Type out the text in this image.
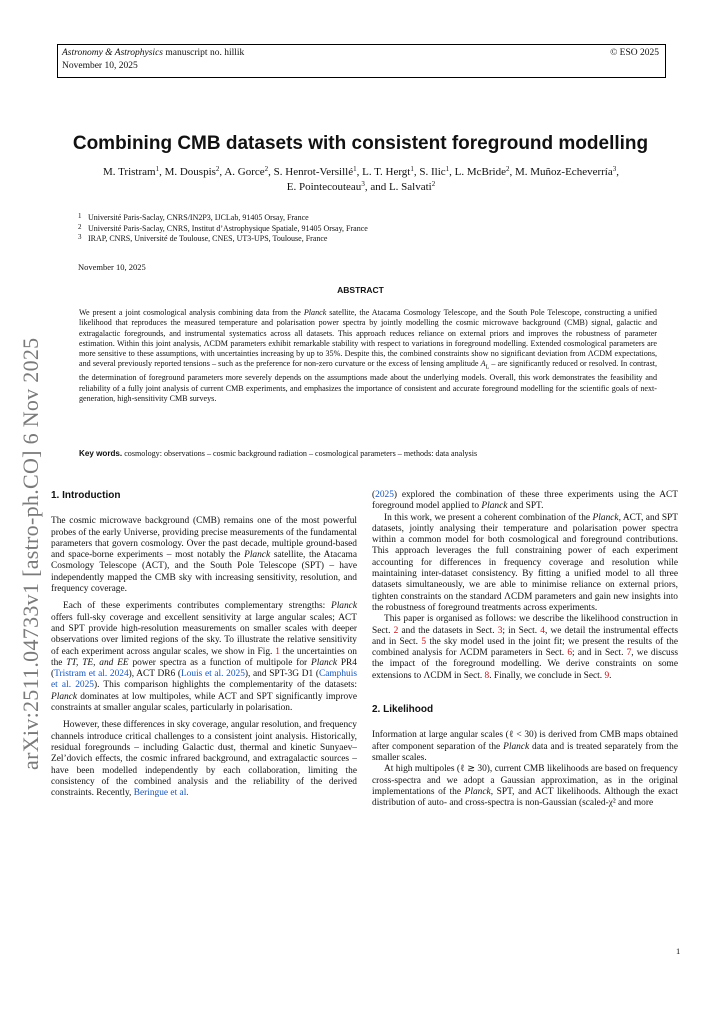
Astronomy & Astrophysics manuscript no. hillik
November 10, 2025
© ESO 2025
arXiv:2511.04733v1 [astro-ph.CO] 6 Nov 2025
Combining CMB datasets with consistent foreground modelling
M. Tristram$^1$, M. Douspis$^2$, A. Gorce$^2$, S. Henrot-Versillé$^1$, L. T. Hergt$^1$, S. Ilic$^1$, L. McBride$^2$, M. Muñoz-Echeverría$^3$,
E. Pointecouteau$^3$, and L. Salvati$^2$
1 Université Paris-Saclay, CNRS/IN2P3, IJCLab, 91405 Orsay, France
2 Université Paris-Saclay, CNRS, Institut d’Astrophysique Spatiale, 91405 Orsay, France
3 IRAP, CNRS, Université de Toulouse, CNES, UT3-UPS, Toulouse, France
November 10, 2025
ABSTRACT
We present a joint cosmological analysis combining data from the Planck satellite, the Atacama Cosmology Telescope, and the South Pole Telescope, constructing a unified likelihood that reproduces the measured temperature and polarisation power spectra by jointly modelling the cosmic microwave background (CMB) signal, galactic and extragalactic foregrounds, and instrumental systematics across all datasets. This approach reduces reliance on external priors and improves the robustness of parameter estimation. Within this joint analysis, ΛCDM parameters exhibit remarkable stability with respect to variations in foreground modelling. Extended cosmological parameters are more sensitive to these assumptions, with uncertainties increasing by up to 35%. Despite this, the combined constraints show no significant deviation from ΛCDM expectations, and several previously reported tensions – such as the preference for non-zero curvature or the excess of lensing amplitude $A_L$ – are significantly reduced or resolved. In contrast, the determination of foreground parameters more severely depends on the assumptions made about the underlying models. Overall, this work demonstrates the feasibility and reliability of a fully joint analysis of current CMB experiments, and emphasizes the importance of consistent and accurate foreground modelling for the scientific goals of next-generation, high-sensitivity CMB surveys.
Key words. cosmology: observations – cosmic background radiation – cosmological parameters – methods: data analysis
1. Introduction

The cosmic microwave background (CMB) remains one of the most powerful probes of the early Universe, providing precise measurements of the fundamental parameters that govern cosmology. Over the past decade, multiple ground-based and space-borne experiments – most notably the Planck satellite, the Atacama Cosmology Telescope (ACT), and the South Pole Telescope (SPT) – have independently mapped the CMB sky with increasing sensitivity, resolution, and frequency coverage.

Each of these experiments contributes complementary strengths: Planck offers full-sky coverage and excellent sensitivity at large angular scales; ACT and SPT provide high-resolution measurements on smaller scales with deeper observations over limited regions of the sky. To illustrate the relative sensitivity of each experiment across angular scales, we show in Fig. 1 the uncertainties on the TT, TE, and EE power spectra as a function of multipole for Planck PR4 (Tristram et al. 2024), ACT DR6 (Louis et al. 2025), and SPT-3G D1 (Camphuis et al. 2025). This comparison highlights the complementarity of the datasets: Planck dominates at low multipoles, while ACT and SPT significantly improve constraints at smaller angular scales, particularly in polarisation.

However, these differences in sky coverage, angular resolution, and frequency channels introduce critical challenges to a consistent joint analysis. Historically, residual foregrounds – including Galactic dust, thermal and kinetic Sunyaev–Zel’dovich effects, the cosmic infrared background, and extragalactic sources – have been modelled independently by each collaboration, limiting the consistency of the combined analysis and the reliability of the derived constraints. Recently, Beringue et al.

(2025) explored the combination of these three experiments using the ACT foreground model applied to Planck and SPT.

In this work, we present a coherent combination of the Planck, ACT, and SPT datasets, jointly analysing their temperature and polarisation power spectra within a common model for both cosmological and foreground contributions. This approach leverages the full constraining power of each experiment accounting for differences in frequency coverage and resolution while maintaining inter-dataset consistency. By fitting a unified model to all three datasets simultaneously, we are able to minimise reliance on external priors, tighten constraints on the standard ΛCDM parameters and gain new insights into the robustness of foreground treatments across experiments.

This paper is organised as follows: we describe the likelihood construction in Sect. 2 and the datasets in Sect. 3; in Sect. 4, we detail the instrumental effects and in Sect. 5 the sky model used in the joint fit; we present the results of the combined analysis for ΛCDM parameters in Sect. 6; and in Sect. 7, we discuss the impact of the foreground modelling. We derive constraints on some extensions to ΛCDM in Sect. 8. Finally, we conclude in Sect. 9.

2. Likelihood

Information at large angular scales (ℓ < 30) is derived from CMB maps obtained after component separation of the Planck data and is treated separately from the smaller scales.

At high multipoles (ℓ ≳ 30), current CMB likelihoods are based on frequency cross-spectra and we adopt a Gaussian approximation, as in the original implementations of the Planck, SPT, and ACT likelihoods. Although the exact distribution of auto- and cross-spectra is non-Gaussian (scaled-χ² and more

1
